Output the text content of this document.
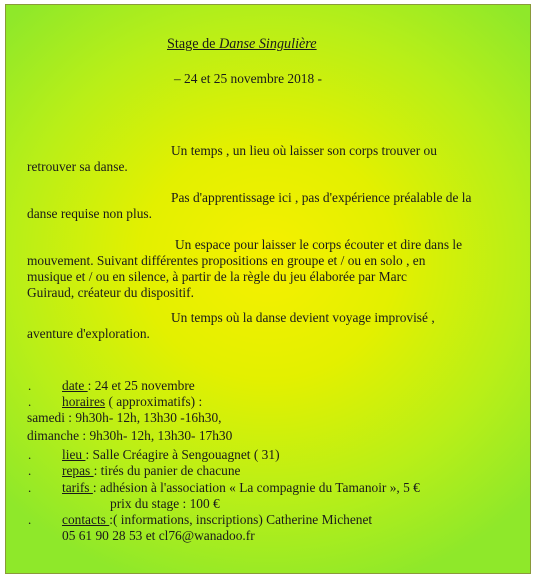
Stage de Danse Singulière
– 24 et 25 novembre 2018 -
Un temps , un lieu où laisser son corps trouver ou
retrouver sa danse.
Pas d'apprentissage ici , pas d'expérience préalable de la
danse requise non plus.
Un espace pour laisser le corps écouter et dire dans le
mouvement. Suivant différentes propositions en groupe et / ou en solo , en
musique et / ou en silence, à partir de la règle du jeu élaborée par Marc
Guiraud, créateur du dispositif.
Un temps où la danse devient voyage improvisé ,
aventure d'exploration.
. date : 24 et 25 novembre
. horaires ( approximatifs) :
samedi : 9h30h- 12h, 13h30 -16h30,
dimanche : 9h30h- 12h, 13h30- 17h30
. lieu : Salle Créagire à Sengouagnet ( 31)
. repas : tirés du panier de chacune
. tarifs : adhésion à l'association « La compagnie du Tamanoir », 5 €
prix du stage : 100 €
. contacts :( informations, inscriptions) Catherine Michenet
05 61 90 28 53 et cl76@wanadoo.fr
